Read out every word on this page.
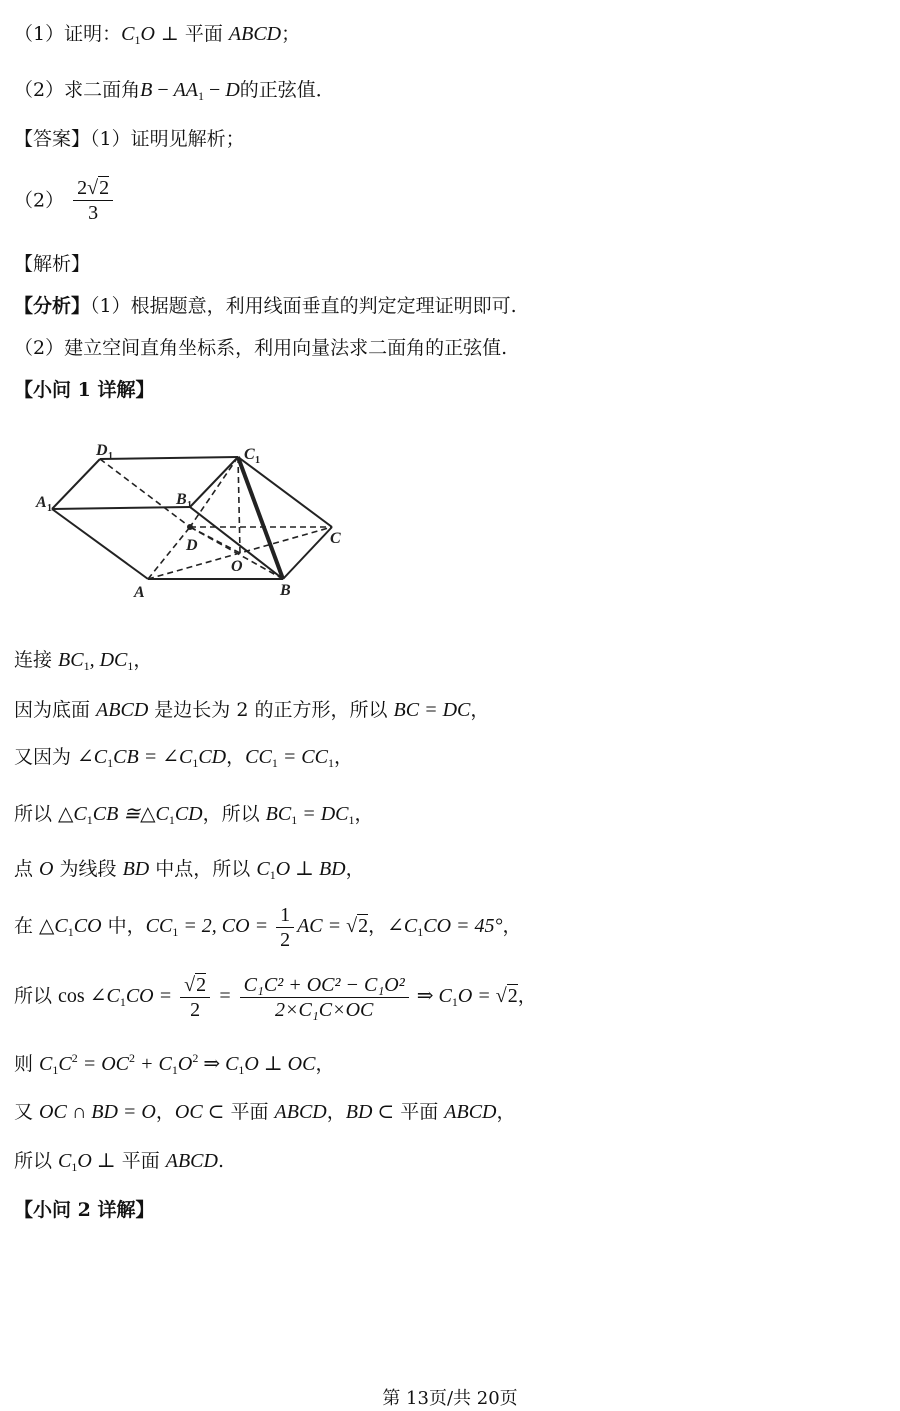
（1）证明：$C_1O$ ⊥ 平面 ABCD；
（2）求二面角$B - AA_1 - D$的正弦值．
【答案】（1）证明见解析；
$(2) \frac{2√2}{3}$
【解析】
【分析】（1）根据题意，利用线面垂直的判定定理证明即可.
（2）建立空间直角坐标系，利用向量法求二面角的正弦值.
【小问 1 详解】
A	B
C
D
O
A 1
B 1
C 1
D 1
连接 $BC_1$, $DC_1$，
因为底面 ABCD 是边长为 2 的正方形，所以 BC = DC，
又因为 $\angle C_1CB$ = $\angle C_1CD$，$CC_1 = CC_1$，
所以 $\triangle C_1CB$ $≅\triangle C_1CD$，所以 $BC_1 = DC_1$，
点 O 为线段 BD 中点，所以 $C_1O$ ⊥ BD，
在 $\triangle C_1CO$ 中，$CC_1 = 2$, CO = $\frac{1}{2}$ AC = √2，$\angle C_1CO = 45^\circ$，
所以 $\cos \angle C_1CO = \frac{√2}{2} = \frac{\text{C₁C² + OC² − C₁O²}}{\text{2×C₁C×OC}}$ ⇒ $C_1O = √2$，
则 $C_1C^2 = OC^2 + C_1O^2$ ⇒ $C_1O$ ⊥ OC，
又 OC ∩ BD = O，OC ⊂ 平面 ABCD，BD ⊂ 平面 ABCD，
所以 $C_1O$ ⊥ 平面 ABCD.
【小问 2 详解】
第 13页/共 20页
